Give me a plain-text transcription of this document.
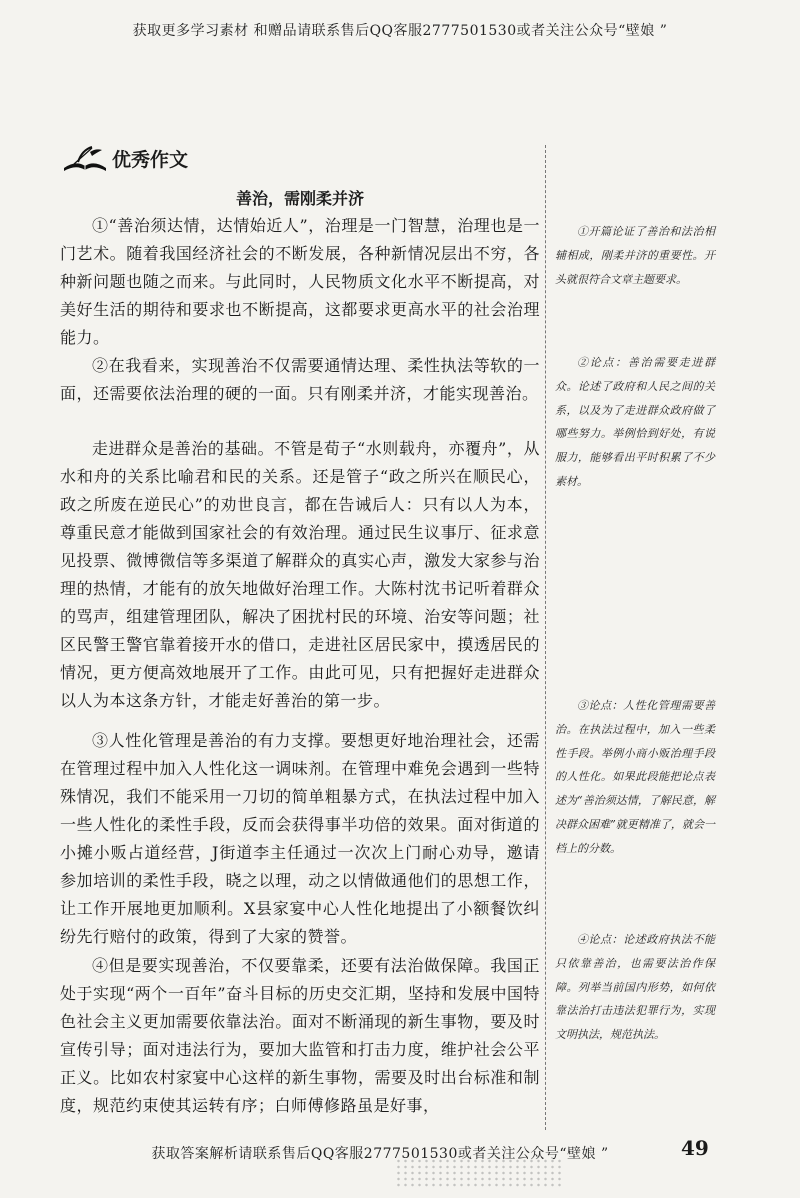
获取更多学习素材 和赠品请联系售后QQ客服2777501530或者关注公众号“壁娘 ”
优秀作文
善治，需刚柔并济

①“善治须达情，达情始近人”，治理是一门智慧，治理也是一门艺术。随着我国经济社会的不断发展，各种新情况层出不穷，各种新问题也随之而来。与此同时，人民物质文化水平不断提高，对美好生活的期待和要求也不断提高，这都要求更高水平的社会治理能力。

②在我看来，实现善治不仅需要通情达理、柔性执法等软的一面，还需要依法治理的硬的一面。只有刚柔并济，才能实现善治。

走进群众是善治的基础。不管是荀子“水则载舟，亦覆舟”，从水和舟的关系比喻君和民的关系。还是管子“政之所兴在顺民心，政之所废在逆民心”的劝世良言，都在告诫后人：只有以人为本，尊重民意才能做到国家社会的有效治理。通过民生议事厅、征求意见投票、微博微信等多渠道了解群众的真实心声，激发大家参与治理的热情，才能有的放矢地做好治理工作。大陈村沈书记听着群众的骂声，组建管理团队，解决了困扰村民的环境、治安等问题；社区民警王警官靠着接开水的借口，走进社区居民家中，摸透居民的情况，更方便高效地展开了工作。由此可见，只有把握好走进群众以人为本这条方针，才能走好善治的第一步。

③人性化管理是善治的有力支撑。要想更好地治理社会，还需在管理过程中加入人性化这一调味剂。在管理中难免会遇到一些特殊情况，我们不能采用一刀切的简单粗暴方式，在执法过程中加入一些人性化的柔性手段，反而会获得事半功倍的效果。面对街道的小摊小贩占道经营，J街道李主任通过一次次上门耐心劝导，邀请参加培训的柔性手段，晓之以理，动之以情做通他们的思想工作，让工作开展地更加顺利。X县家宴中心人性化地提出了小额餐饮纠纷先行赔付的政策，得到了大家的赞誉。

④但是要实现善治，不仅要靠柔，还要有法治做保障。我国正处于实现“两个一百年”奋斗目标的历史交汇期，坚持和发展中国特色社会主义更加需要依靠法治。面对不断涌现的新生事物，要及时宣传引导；面对违法行为，要加大监管和打击力度，维护社会公平正义。比如农村家宴中心这样的新生事物，需要及时出台标准和制度，规范约束使其运转有序；白师傅修路虽是好事，

①开篇论证了善治和法治相辅相成，刚柔并济的重要性。开头就很符合文章主题要求。

②论点：善治需要走进群众。论述了政府和人民之间的关系，以及为了走进群众政府做了哪些努力。举例恰到好处，有说服力，能够看出平时积累了不少素材。

③论点：人性化管理需要善治。在执法过程中，加入一些柔性手段。举例小商小贩治理手段的人性化。如果此段能把论点表述为“善治须达情，了解民意，解决群众困难”就更精准了，就会一档上的分数。

④论点：论述政府执法不能只依靠善治，也需要法治作保障。列举当前国内形势，如何依靠法治打击违法犯罪行为，实现文明执法，规范执法。

获取答案解析请联系售后QQ客服2777501530或者关注公众号“壁娘 ”	49
